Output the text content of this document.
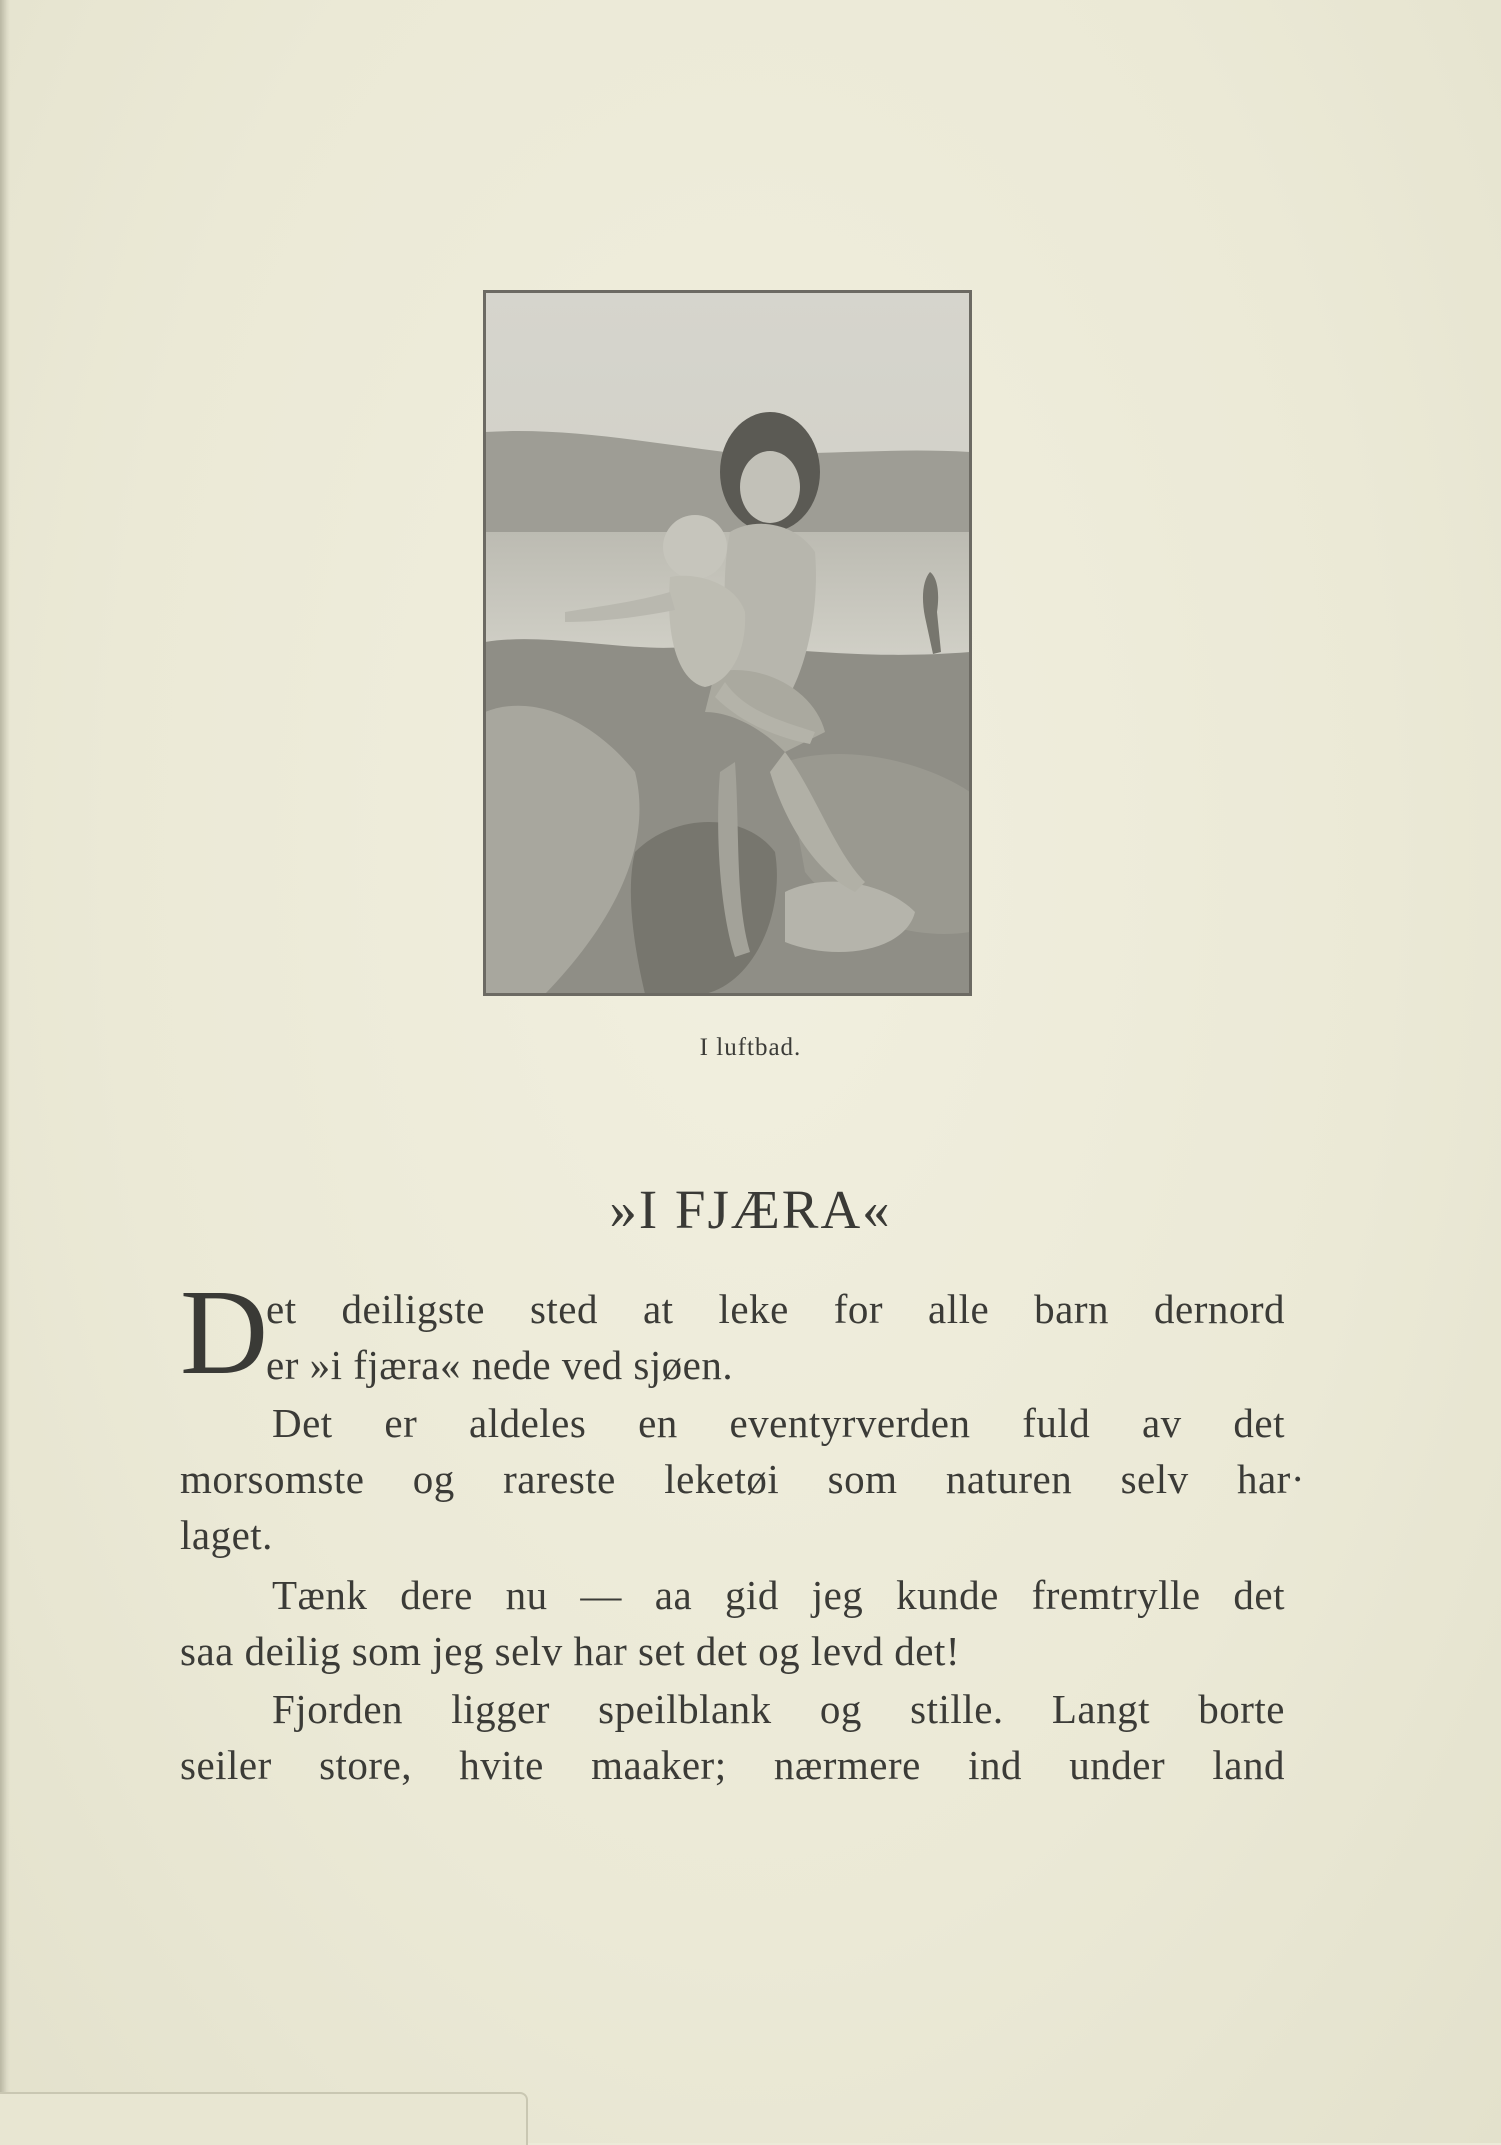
I luftbad.
»I FJÆRA«
D
et deiligste sted at leke for alle barn dernord
er »i fjæra« nede ved sjøen.
Det er aldeles en eventyrverden fuld av det
morsomste og rareste leketøi som naturen selv har·
laget.
Tænk dere nu — aa gid jeg kunde fremtrylle det
saa deilig som jeg selv har set det og levd det!
Fjorden ligger speilblank og stille. Langt borte
seiler store, hvite maaker; nærmere ind under land
